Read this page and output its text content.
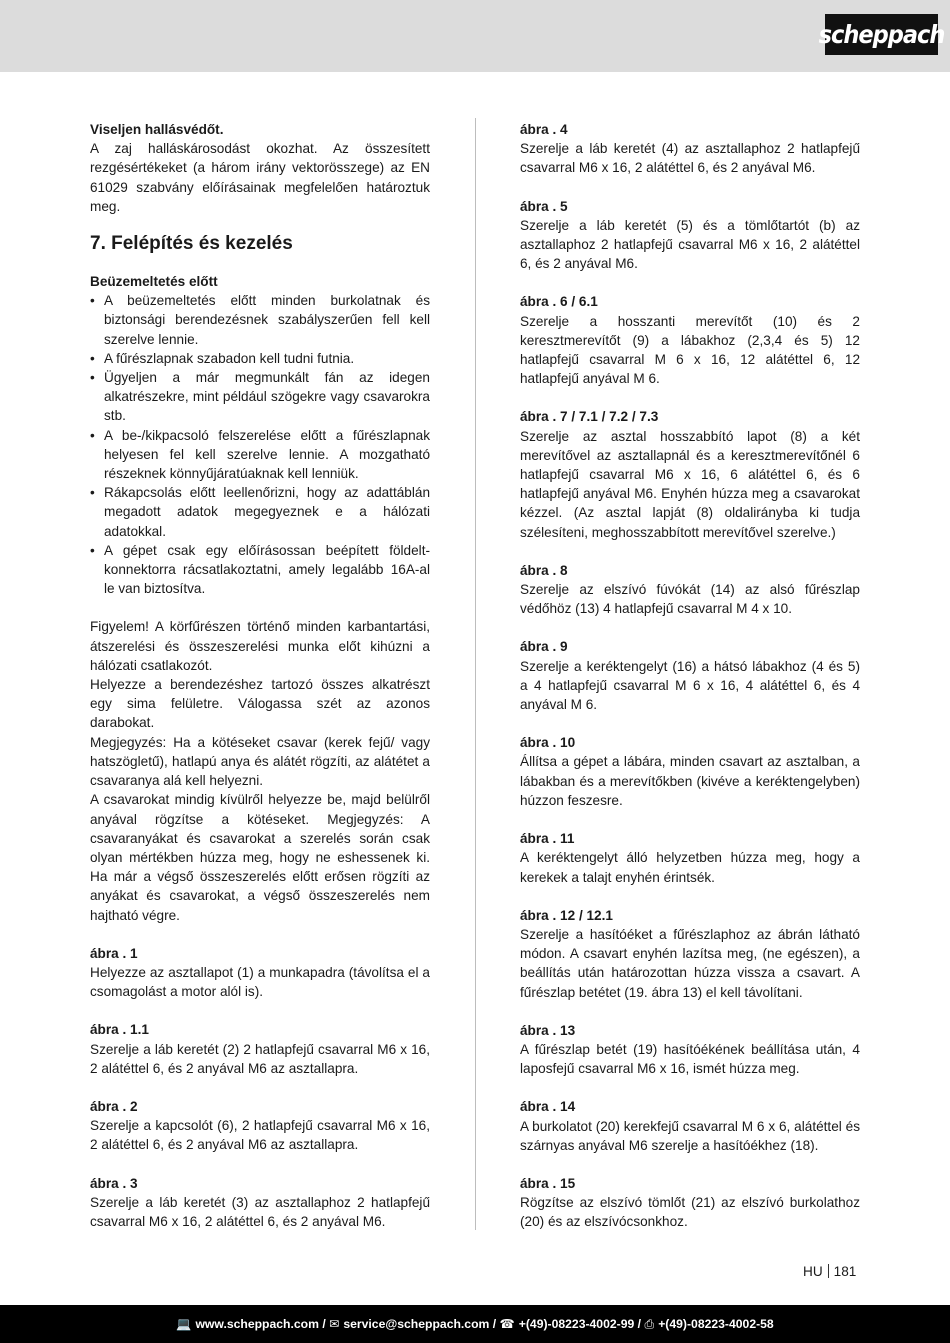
scheppach

Viseljen hallásvédőt.

A zaj halláskárosodást okozhat. Az összesített rezgésértékeket (a három irány vektorösszege) az EN 61029 szabvány előírásainak megfelelően határoztuk meg.

7. Felépítés és kezelés

Beüzemeltetés előtt

• A beüzemeltetés előtt minden burkolatnak és biztonsági berendezésnek szabályszerűen fell kell szerelve lennie.
• A fűrészlapnak szabadon kell tudni futnia.
• Ügyeljen a már megmunkált fán az idegen alkatrészekre, mint például szögekre vagy csavarokra stb.
• A be-/kikpacsoló felszerelése előtt a fűrészlapnak helyesen fel kell szerelve lennie. A mozgatható részeknek könnyűjáratúaknak kell lenniük.
• Rákapcsolás előtt leellenőrizni, hogy az adattáblán megadott adatok megegyeznek e a hálózati adatokkal.
• A gépet csak egy előírásossan beépített földelt-konnektorra rácsatlakoztatni, amely legalább 16A-al le van biztosítva.

Figyelem! A körfűrészen történő minden karbantartási, átszerelési és összeszerelési munka előt kihúzni a hálózati csatlakozót.

Helyezze a berendezéshez tartozó összes alkatrészt egy sima felületre. Válogassa szét az azonos darabokat.

Megjegyzés: Ha a kötéseket csavar (kerek fejű/ vagy hatszögletű), hatlapú anya és alátét rögzíti, az alátétet a csavaranya alá kell helyezni.

A csavarokat mindig kívülről helyezze be, majd belülről anyával rögzítse a kötéseket. Megjegyzés: A csavaranyákat és csavarokat a szerelés során csak olyan mértékben húzza meg, hogy ne eshessenek ki. Ha már a végső összeszerelés előtt erősen rögzíti az anyákat és csavarokat, a végső összeszerelés nem hajtható végre.

ábra . 1

Helyezze az asztallapot (1) a munkapadra (távolítsa el a csomagolást a motor alól is).

ábra . 1.1

Szerelje a láb keretét (2) 2 hatlapfejű csavarral M6 x 16, 2 alátéttel 6, és 2 anyával M6 az asztallapra.

ábra . 2

Szerelje a kapcsolót (6), 2 hatlapfejű csavarral M6 x 16, 2 alátéttel 6, és 2 anyával M6 az asztallapra.

ábra . 3

Szerelje a láb keretét (3) az asztallaphoz 2 hatlapfejű csavarral M6 x 16, 2 alátéttel 6, és 2 anyával M6.

ábra . 4

Szerelje a láb keretét (4) az asztallaphoz 2 hatlapfejű csavarral M6 x 16, 2 alátéttel 6, és 2 anyával M6.

ábra . 5

Szerelje a láb keretét (5) és a tömlőtartót (b) az asztallaphoz 2 hatlapfejű csavarral M6 x 16, 2 alátéttel 6, és 2 anyával M6.

ábra . 6 / 6.1

Szerelje a hosszanti merevítőt (10) és 2 keresztmerevítőt (9) a lábakhoz (2,3,4 és 5) 12 hatlapfejű csavarral M 6 x 16, 12 alátéttel 6, 12 hatlapfejű anyával M 6.

ábra . 7 / 7.1 / 7.2 / 7.3

Szerelje az asztal hosszabbító lapot (8) a két merevítővel az asztallapnál és a keresztmerevítőnél 6 hatlapfejű csavarral M6 x 16, 6 alátéttel 6, és 6 hatlapfejű anyával M6. Enyhén húzza meg a csavarokat kézzel. (Az asztal lapját (8) oldalirányba ki tudja szélesíteni, meghosszabbított merevítővel szerelve.)

ábra . 8

Szerelje az elszívó fúvókát (14) az alsó fűrészlap védőhöz (13) 4 hatlapfejű csavarral M 4 x 10.

ábra . 9

Szerelje a keréktengelyt (16) a hátsó lábakhoz (4 és 5) a 4 hatlapfejű csavarral M 6 x 16, 4 alátéttel 6, és 4 anyával M 6.

ábra . 10

Állítsa a gépet a lábára, minden csavart az asztalban, a lábakban és a merevítőkben (kivéve a keréktengelyben) húzzon feszesre.

ábra . 11

A keréktengelyt álló helyzetben húzza meg, hogy a kerekek a talajt enyhén érintsék.

ábra . 12 / 12.1

Szerelje a hasítóéket a fűrészlaphoz az ábrán látható módon. A csavart enyhén lazítsa meg, (ne egészen), a beállítás után határozottan húzza vissza a csavart. A fűrészlap betétet (19. ábra 13) el kell távolítani.

ábra . 13

A fűrészlap betét (19) hasítóékének beállítása után, 4 laposfejű csavarral M6 x 16, ismét húzza meg.

ábra . 14

A burkolatot (20) kerekfejű csavarral M 6 x 6, alátéttel és szárnyas anyával M6 szerelje a hasítóékhez (18).

ábra . 15

Rögzítse az elszívó tömlőt (21) az elszívó burkolathoz (20) és az elszívócsonkhoz.

HU 181
💻 www.scheppach.com / ✉ service@scheppach.com / ☎ +(49)-08223-4002-99 / ⎙ +(49)-08223-4002-58
